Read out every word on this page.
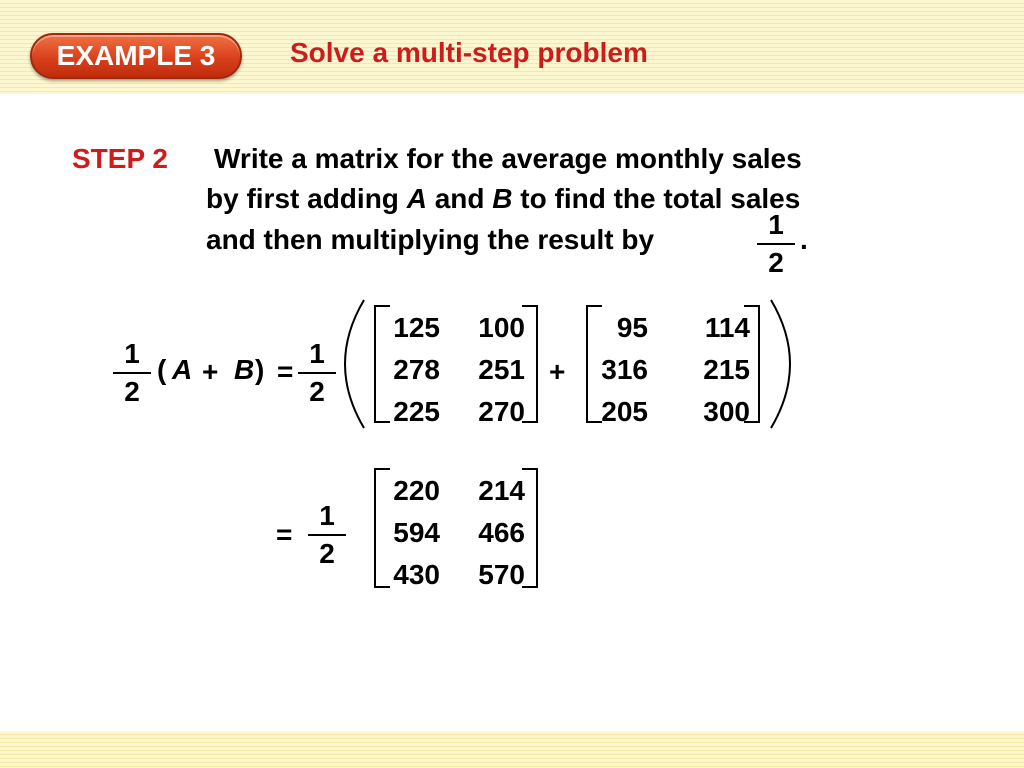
EXAMPLE 3	Solve a multi-step problem
STEP 2 Write a matrix for the average monthly sales
by first adding A and B to find the total sales
and then multiplying the result by	1
2
.
1
2
( A + B ) =
1
2
125	100
278	251
225	270
+
95	114
316	215
205	300
=
1
2
220	214
594	466
430	570
